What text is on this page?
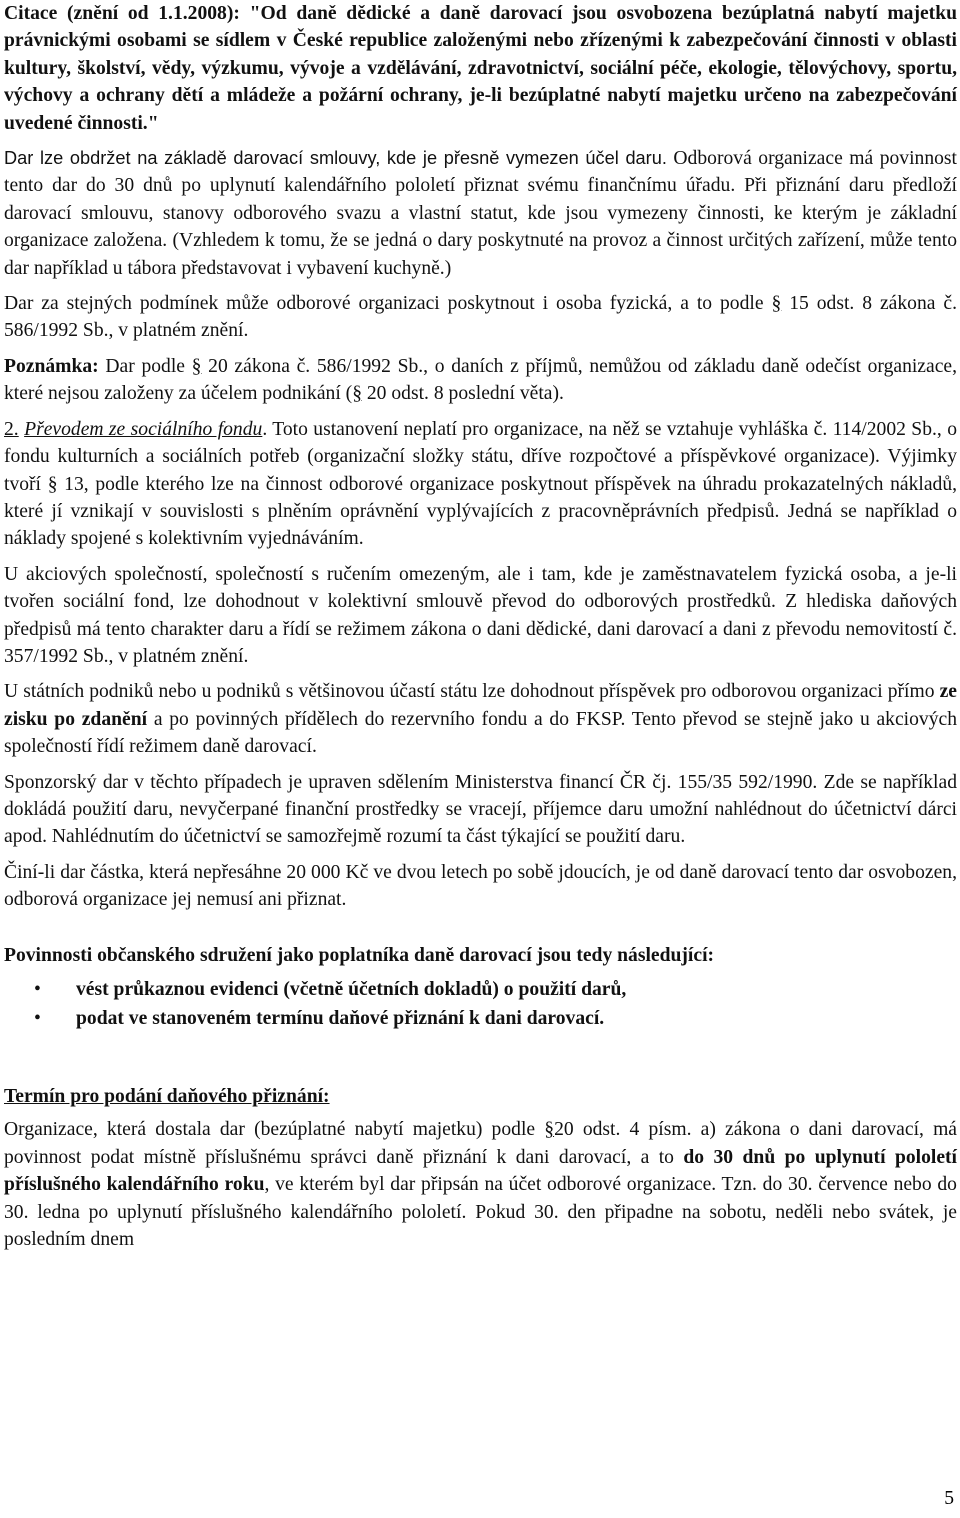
Citace (znění od 1.1.2008): "Od daně dědické a daně darovací jsou osvobozena bezúplatná nabytí majetku právnickými osobami se sídlem v České republice založenými nebo zřízenými k zabezpečování činnosti v oblasti kultury, školství, vědy, výzkumu, vývoje a vzdělávání, zdravotnictví, sociální péče, ekologie, tělovýchovy, sportu, výchovy a ochrany dětí a mládeže a požární ochrany, je-li bezúplatné nabytí majetku určeno na zabezpečování uvedené činnosti."

Dar lze obdržet na základě darovací smlouvy, kde je přesně vymezen účel daru. Odborová organizace má povinnost tento dar do 30 dnů po uplynutí kalendářního pololetí přiznat svému finančnímu úřadu. Při přiznání daru předloží darovací smlouvu, stanovy odborového svazu a vlastní statut, kde jsou vymezeny činnosti, ke kterým je základní organizace založena. (Vzhledem k tomu, že se jedná o dary poskytnuté na provoz a činnost určitých zařízení, může tento dar například u tábora představovat i vybavení kuchyně.)

Dar za stejných podmínek může odborové organizaci poskytnout i osoba fyzická, a to podle § 15 odst. 8 zákona č. 586/1992 Sb., v platném znění.

Poznámka: Dar podle § 20 zákona č. 586/1992 Sb., o daních z příjmů, nemůžou od základu daně odečíst organizace, které nejsou založeny za účelem podnikání (§ 20 odst. 8 poslední věta).

2. Převodem ze sociálního fondu. Toto ustanovení neplatí pro organizace, na něž se vztahuje vyhláška č. 114/2002 Sb., o fondu kulturních a sociálních potřeb (organizační složky státu, dříve rozpočtové a příspěvkové organizace). Výjimky tvoří § 13, podle kterého lze na činnost odborové organizace poskytnout příspěvek na úhradu prokazatelných nákladů, které jí vznikají v souvislosti s plněním oprávnění vyplývajících z pracovněprávních předpisů. Jedná se například o náklady spojené s kolektivním vyjednáváním.

U akciových společností, společností s ručením omezeným, ale i tam, kde je zaměstnavatelem fyzická osoba, a je-li tvořen sociální fond, lze dohodnout v kolektivní smlouvě převod do odborových prostředků. Z hlediska daňových předpisů má tento charakter daru a řídí se režimem zákona o dani dědické, dani darovací a dani z převodu nemovitostí č. 357/1992 Sb., v platném znění.

U státních podniků nebo u podniků s většinovou účastí státu lze dohodnout příspěvek pro odborovou organizaci přímo ze zisku po zdanění a po povinných přídělech do rezervního fondu a do FKSP. Tento převod se stejně jako u akciových společností řídí režimem daně darovací.

Sponzorský dar v těchto případech je upraven sdělením Ministerstva financí ČR čj. 155/35 592/1990. Zde se například dokládá použití daru, nevyčerpané finanční prostředky se vracejí, příjemce daru umožní nahlédnout do účetnictví dárci apod. Nahlédnutím do účetnictví se samozřejmě rozumí ta část týkající se použití daru.

Činí-li dar částka, která nepřesáhne 20 000 Kč ve dvou letech po sobě jdoucích, je od daně darovací tento dar osvobozen, odborová organizace jej nemusí ani přiznat.

Povinnosti občanského sdružení jako poplatníka daně darovací jsou tedy následující:

• vést průkaznou evidenci (včetně účetních dokladů) o použití darů,
• podat ve stanoveném termínu daňové přiznání k dani darovací.

Termín pro podání daňového přiznání:

Organizace, která dostala dar (bezúplatné nabytí majetku) podle §20 odst. 4 písm. a) zákona o dani darovací, má povinnost podat místně příslušnému správci daně přiznání k dani darovací, a to do 30 dnů po uplynutí pololetí příslušného kalendářního roku, ve kterém byl dar připsán na účet odborové organizace. Tzn. do 30. července nebo do 30. ledna po uplynutí příslušného kalendářního pololetí. Pokud 30. den připadne na sobotu, neděli nebo svátek, je posledním dnem

5
